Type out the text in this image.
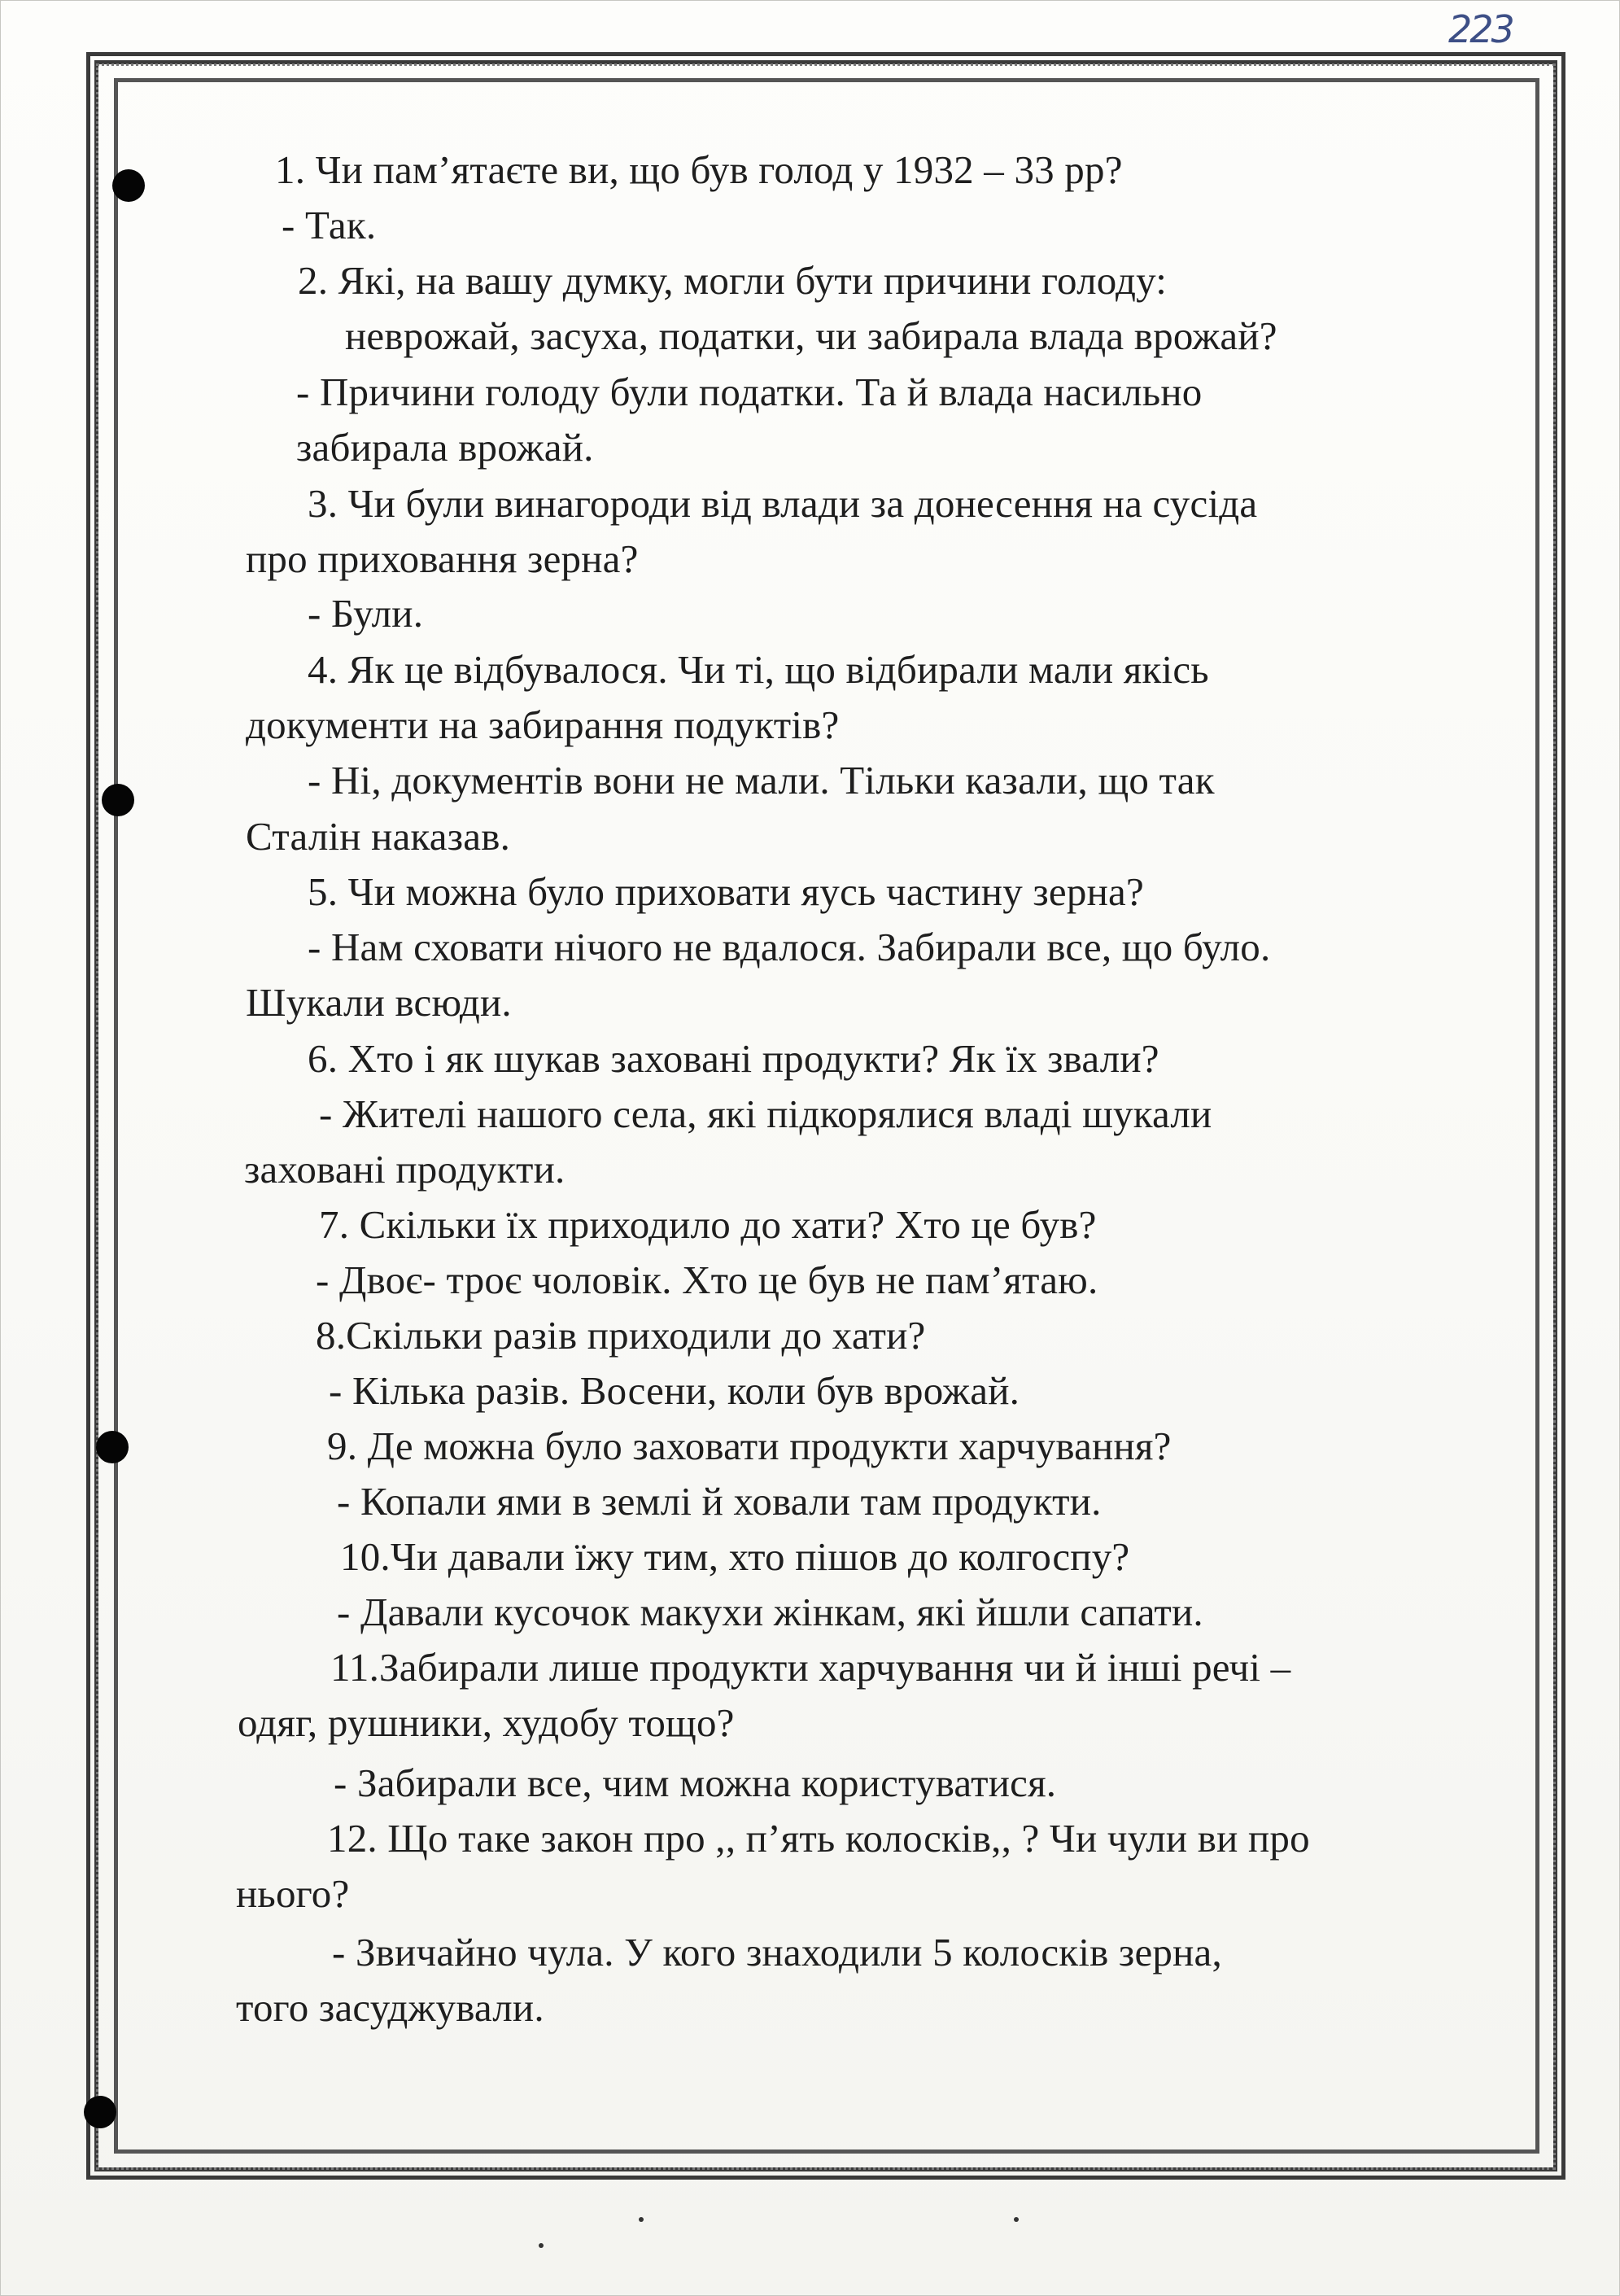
223
1. Чи пам’ятаєте ви, що був голод у 1932 – 33 рр?
- Так.
2. Які, на вашу думку, могли бути причини голоду:
неврожай, засуха, податки, чи забирала влада врожай?
- Причини голоду були податки. Та й влада насильно
забирала врожай.
3. Чи були винагороди від влади за донесення на сусіда
про приховання зерна?
- Були.
4. Як це відбувалося. Чи ті, що відбирали мали якісь
документи на забирання подуктів?
- Ні, документів вони не мали. Тільки казали, що так
Сталін наказав.
5. Чи можна було приховати яусь частину зерна?
- Нам сховати нічого не вдалося. Забирали все, що було.
Шукали всюди.
6. Хто і як шукав заховані продукти? Як їх звали?
- Жителі нашого села, які підкорялися владі шукали
заховані продукти.
7. Скільки їх приходило до хати? Хто це був?
- Двоє- троє чоловік. Хто це був не пам’ятаю.
8.Скільки разів приходили до хати?
- Кілька разів. Восени, коли був врожай.
9. Де можна було заховати продукти харчування?
- Копали ями в землі й ховали там продукти.
10.Чи давали їжу тим, хто пішов до колгоспу?
- Давали кусочок макухи жінкам, які йшли сапати.
11.Забирали лише продукти харчування чи й інші речі –
одяг, рушники, худобу тощо?
- Забирали все, чим можна користуватися.
12. Що таке закон про ,, п’ять колосків,, ? Чи чули ви про
нього?
- Звичайно чула. У кого знаходили 5 колосків зерна,
того засуджували.
